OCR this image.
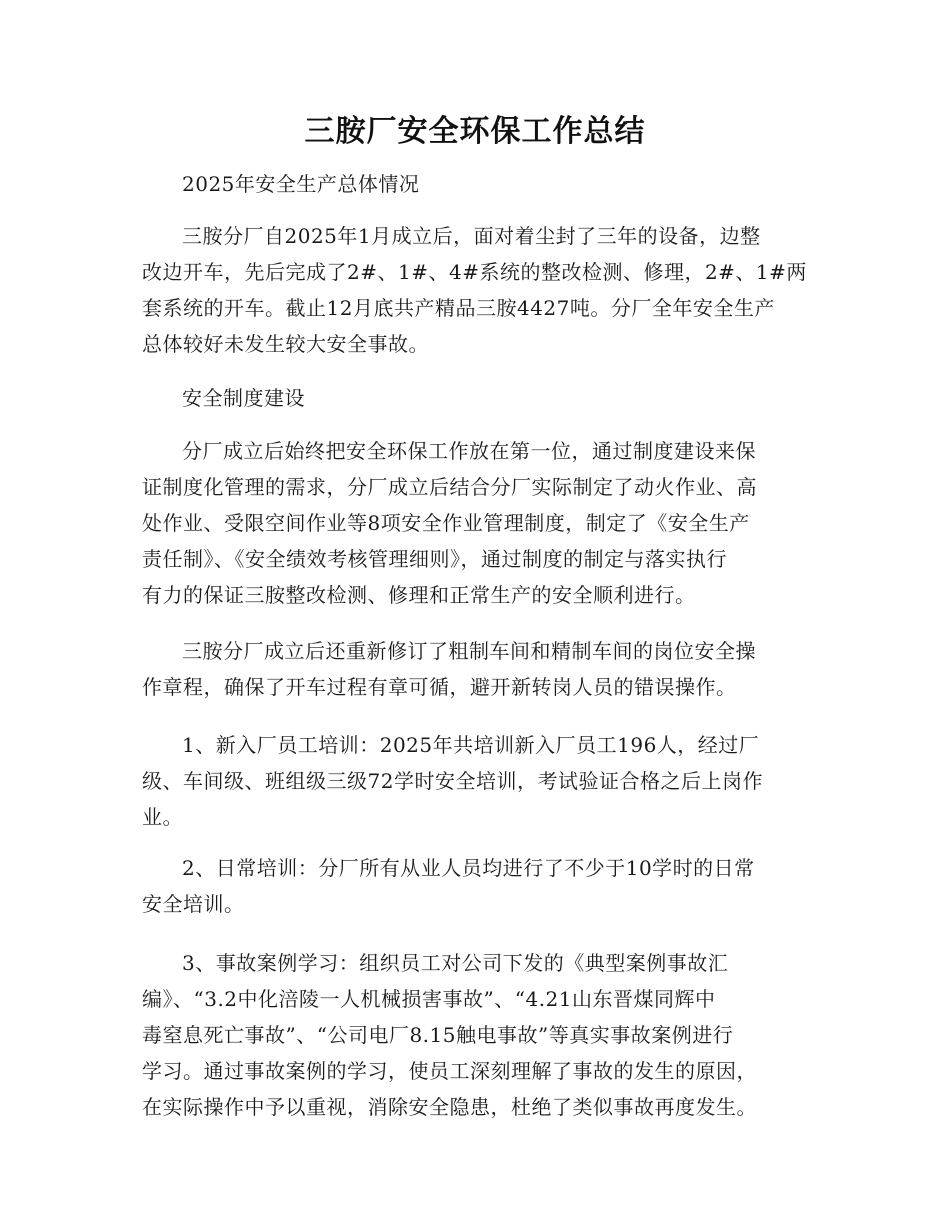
三胺厂安全环保工作总结
2025年安全生产总体情况
三胺分厂自2025年1月成立后，面对着尘封了三年的设备，边整
改边开车，先后完成了2#、1#、4#系统的整改检测、修理，2#、1#两
套系统的开车。截止12月底共产精品三胺4427吨。分厂全年安全生产
总体较好未发生较大安全事故。
安全制度建设
分厂成立后始终把安全环保工作放在第一位，通过制度建设来保
证制度化管理的需求，分厂成立后结合分厂实际制定了动火作业、高
处作业、受限空间作业等8项安全作业管理制度，制定了《安全生产
责任制》、《安全绩效考核管理细则》，通过制度的制定与落实执行
有力的保证三胺整改检测、修理和正常生产的安全顺利进行。
三胺分厂成立后还重新修订了粗制车间和精制车间的岗位安全操
作章程，确保了开车过程有章可循，避开新转岗人员的错误操作。
1、新入厂员工培训：2025年共培训新入厂员工196人，经过厂
级、车间级、班组级三级72学时安全培训，考试验证合格之后上岗作
业。
2、日常培训：分厂所有从业人员均进行了不少于10学时的日常
安全培训。
3、事故案例学习：组织员工对公司下发的《典型案例事故汇
编》、“3.2中化涪陵一人机械损害事故”、“4.21山东晋煤同辉中
毒窒息死亡事故”、“公司电厂8.15触电事故”等真实事故案例进行
学习。通过事故案例的学习，使员工深刻理解了事故的发生的原因，
在实际操作中予以重视，消除安全隐患，杜绝了类似事故再度发生。
